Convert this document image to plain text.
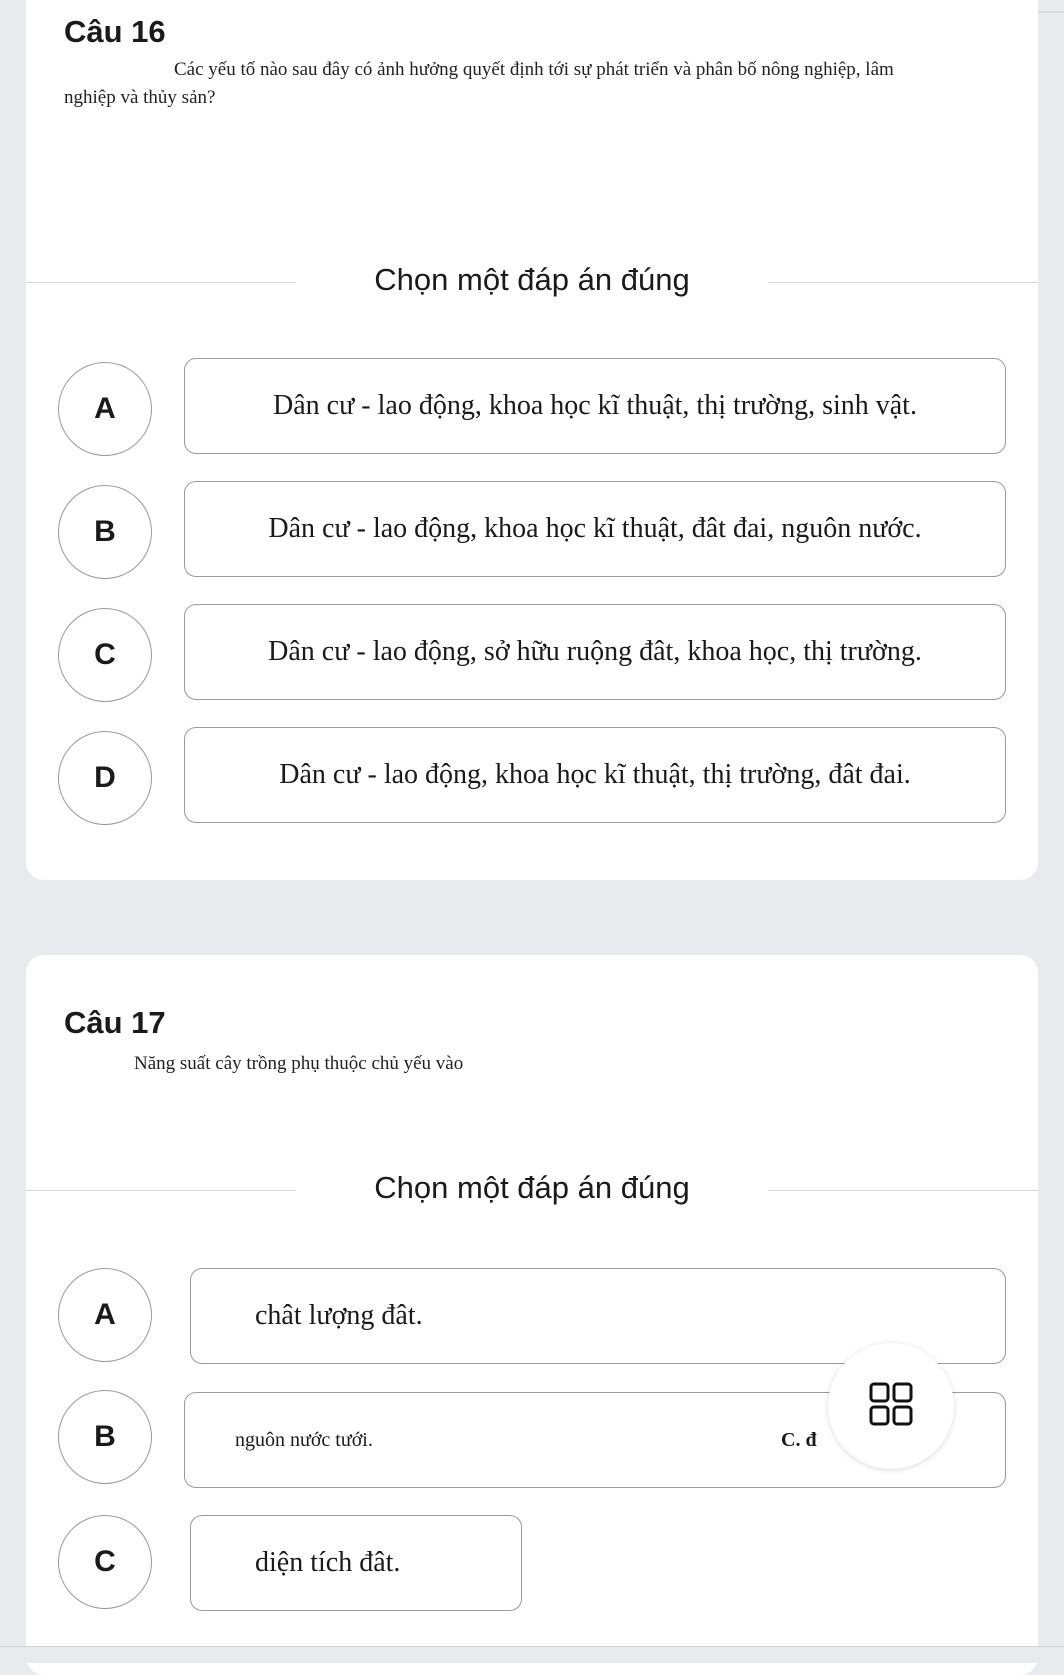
Câu 16
Các yếu tố nào sau đây có ảnh hưởng quyết định tới sự phát triển và phân bố nông nghiệp, lâm
nghiệp và thủy sản?
Chọn một đáp án đúng
A	Dân cư - lao động, khoa học kĩ thuật, thị trường, sinh vật.
B	Dân cư - lao động, khoa học kĩ thuật, đât đai, nguôn nước.
C	Dân cư - lao động, sở hữu ruộng đât, khoa học, thị trường.
D	Dân cư - lao động, khoa học kĩ thuật, thị trường, đât đai.
Câu 17
Năng suất cây trồng phụ thuộc chủ yếu vào
Chọn một đáp án đúng
A	chât lượng đât.
B	nguôn nước tưới.	C. đ
C	diện tích đât.
